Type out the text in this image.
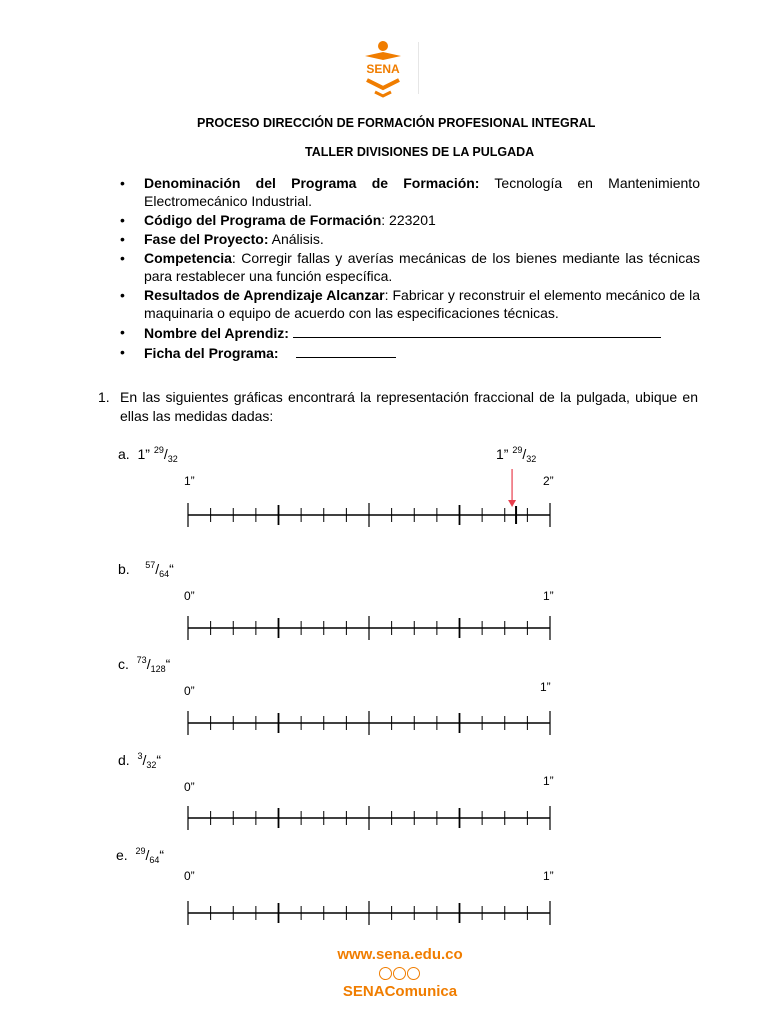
SENA
PROCESO DIRECCIÓN DE FORMACIÓN PROFESIONAL INTEGRAL
TALLER DIVISIONES DE LA PULGADA
• Denominación del Programa de Formación: Tecnología en Mantenimiento Electromecánico Industrial.
• Código del Programa de Formación: 223201
• Fase del Proyecto: Análisis.
• Competencia: Corregir fallas y averías mecánicas de los bienes mediante las técnicas para restablecer una función específica.
• Resultados de Aprendizaje Alcanzar: Fabricar y reconstruir el elemento mecánico de la maquinaria o equipo de acuerdo con las especificaciones técnicas.
• Nombre del Aprendiz:
• Ficha del Programa:
1. En las siguientes gráficas encontrará la representación fraccional de la pulgada, ubique en ellas las medidas dadas:
a. 1” $^{29}/_{32}$	1” $^{29}/_{32}$
1”	2”
b. $^{57}/_{64}“$
0”	1”
c. $^{73}/_{128}“$
0”	1”
d. $^3/_{32}“$
0”	1”
e. $^{29}/_{64}“$
0”	1”
www.sena.edu.co
SENAComunica
